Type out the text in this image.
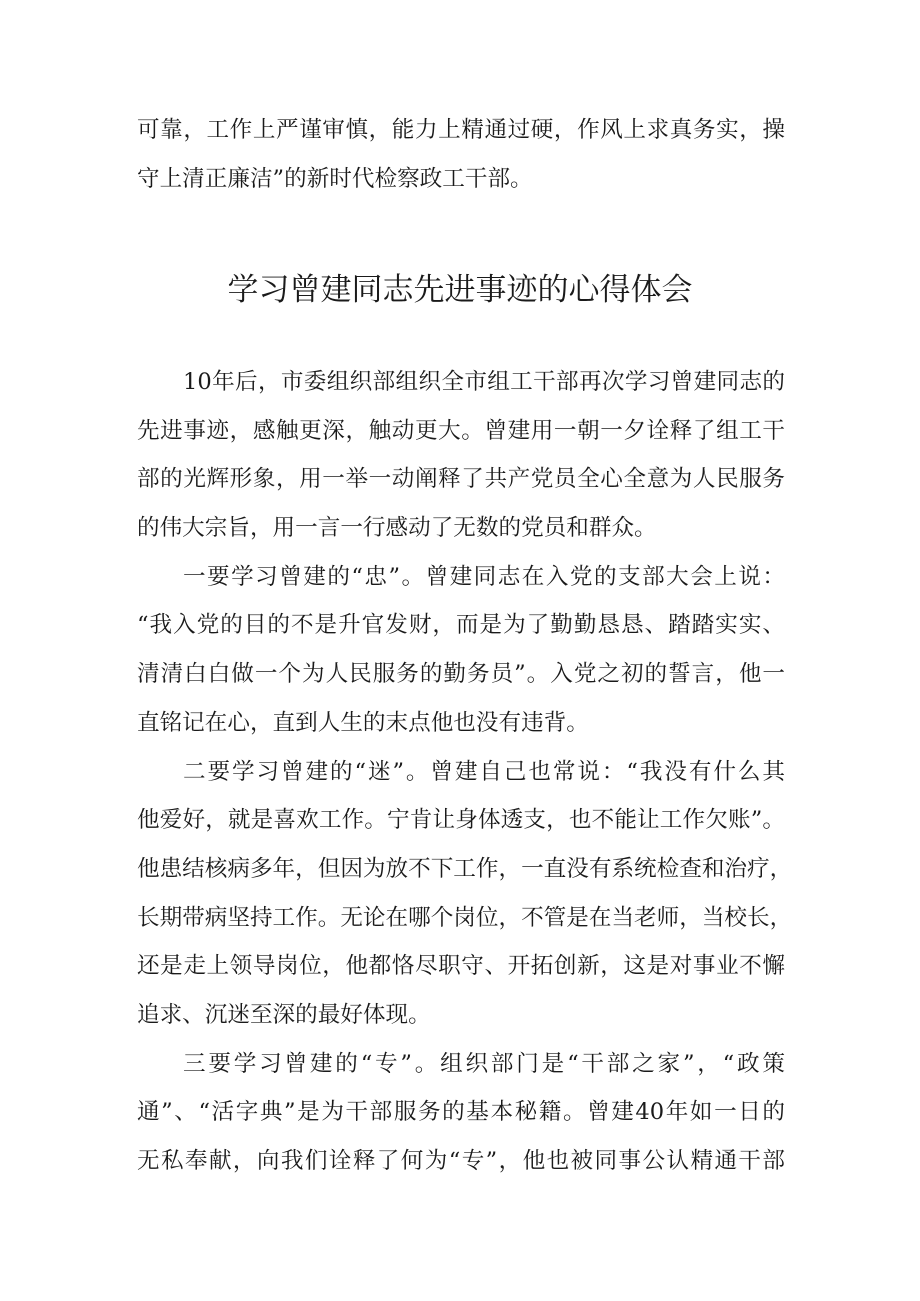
可靠，工作上严谨审慎，能力上精通过硬，作风上求真务实，操
守上清正廉洁”的新时代检察政工干部。
学习曾建同志先进事迹的心得体会
10年后，市委组织部组织全市组工干部再次学习曾建同志的
先进事迹，感触更深，触动更大。曾建用一朝一夕诠释了组工干
部的光辉形象，用一举一动阐释了共产党员全心全意为人民服务
的伟大宗旨，用一言一行感动了无数的党员和群众。
一要学习曾建的“忠”。曾建同志在入党的支部大会上说：
“我入党的目的不是升官发财，而是为了勤勤恳恳、踏踏实实、
清清白白做一个为人民服务的勤务员”。入党之初的誓言，他一
直铭记在心，直到人生的末点他也没有违背。
二要学习曾建的“迷”。曾建自己也常说：“我没有什么其
他爱好，就是喜欢工作。宁肯让身体透支，也不能让工作欠账”。
他患结核病多年，但因为放不下工作，一直没有系统检查和治疗，
长期带病坚持工作。无论在哪个岗位，不管是在当老师，当校长，
还是走上领导岗位，他都恪尽职守、开拓创新，这是对事业不懈
追求、沉迷至深的最好体现。
三要学习曾建的“专”。组织部门是“干部之家”，“政策
通”、“活字典”是为干部服务的基本秘籍。曾建40年如一日的
无私奉献，向我们诠释了何为“专”，他也被同事公认精通干部
